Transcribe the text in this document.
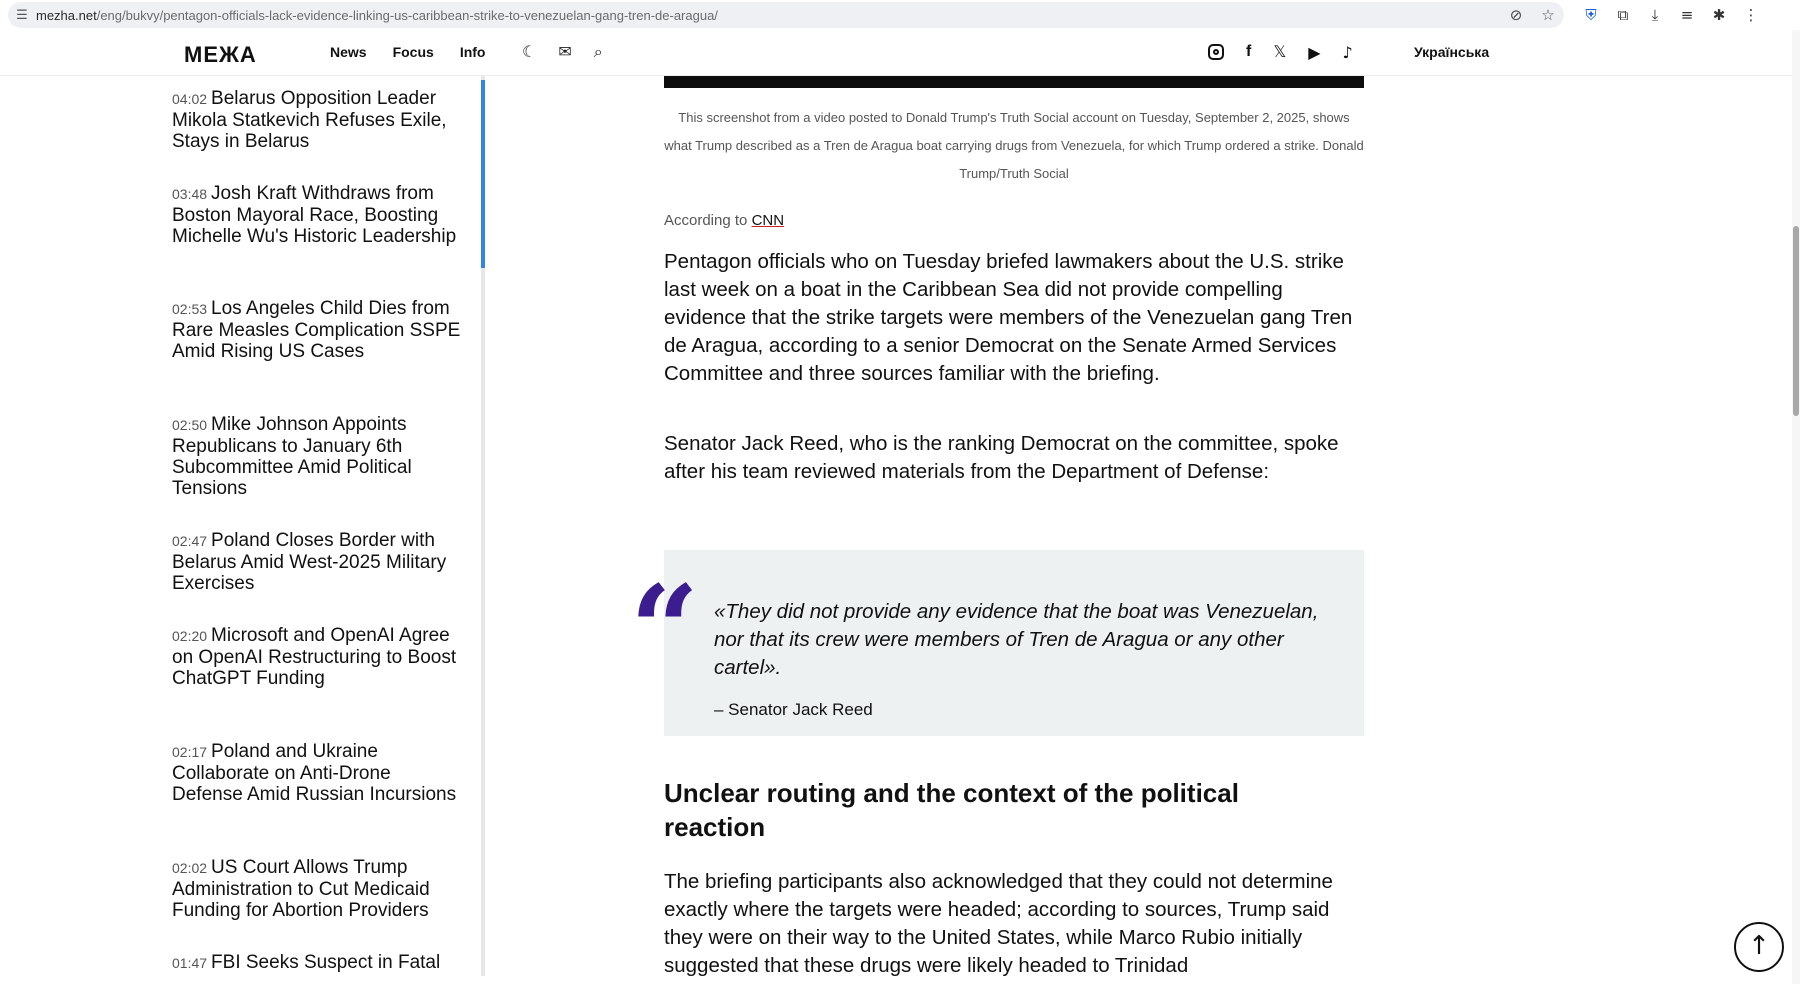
☰ mezha.net/eng/bukvy/pentagon-officials-lack-evidence-linking-us-caribbean-strike-to-venezuelan-gang-tren-de-aragua/	⊘	☆	⛨	⧉	⤓	≡	✱	⋮
МЕЖА	News Focus Info ☾ ✉ ⌕	f 𝕏 ▶ ♪	Українська
04:02 Belarus Opposition Leader Mikola Statkevich Refuses Exile, Stays in Belarus
03:48 Josh Kraft Withdraws from Boston Mayoral Race, Boosting Michelle Wu's Historic Leadership
02:53 Los Angeles Child Dies from Rare Measles Complication SSPE Amid Rising US Cases
02:50 Mike Johnson Appoints Republicans to January 6th Subcommittee Amid Political Tensions
02:47 Poland Closes Border with Belarus Amid West-2025 Military Exercises
02:20 Microsoft and OpenAI Agree on OpenAI Restructuring to Boost ChatGPT Funding
02:17 Poland and Ukraine Collaborate on Anti-Drone Defense Amid Russian Incursions
02:02 US Court Allows Trump Administration to Cut Medicaid Funding for Abortion Providers
01:47 FBI Seeks Suspect in Fatal
This screenshot from a video posted to Donald Trump's Truth Social account on Tuesday, September 2, 2025, shows what Trump described as a Tren de Aragua boat carrying drugs from Venezuela, for which Trump ordered a strike. Donald Trump/Truth Social
According to CNN
Pentagon officials who on Tuesday briefed lawmakers about the U.S. strike last week on a boat in the Caribbean Sea did not provide compelling evidence that the strike targets were members of the Venezuelan gang Tren de Aragua, according to a senior Democrat on the Senate Armed Services Committee and three sources familiar with the briefing.
Senator Jack Reed, who is the ranking Democrat on the committee, spoke after his team reviewed materials from the Department of Defense:
“ «They did not provide any evidence that the boat was Venezuelan, nor that its crew were members of Tren de Aragua or any other cartel».
– Senator Jack Reed
Unclear routing and the context of the political reaction
The briefing participants also acknowledged that they could not determine exactly where the targets were headed; according to sources, Trump said they were on their way to the United States, while Marco Rubio initially suggested that these drugs were likely headed to Trinidad
↑
